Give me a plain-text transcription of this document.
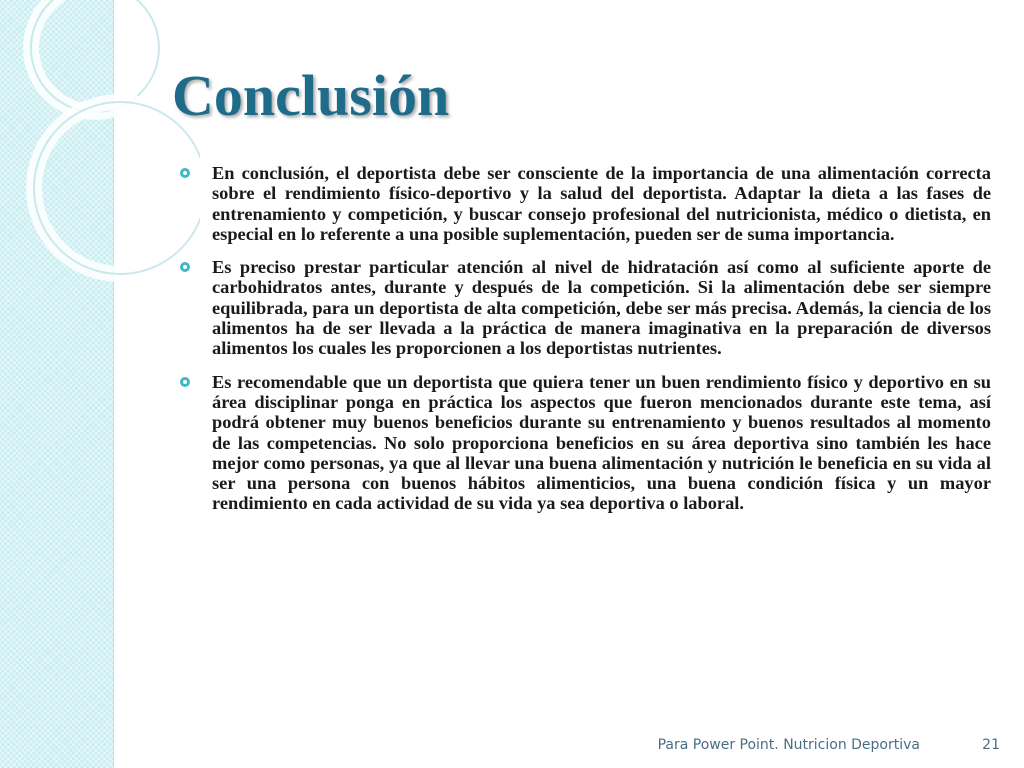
Conclusión
En conclusión, el deportista debe ser consciente de la importancia de una alimentación correcta sobre el rendimiento físico-deportivo y la salud del deportista. Adaptar la dieta a las fases de entrenamiento y competición, y buscar consejo profesional del nutricionista, médico o dietista, en especial en lo referente a una posible suplementación, pueden ser de suma importancia.
Es preciso prestar particular atención al nivel de hidratación así como al suficiente aporte de carbohidratos antes, durante y después de la competición. Si la alimentación debe ser siempre equilibrada, para un deportista de alta competición, debe ser más precisa. Además, la ciencia de los alimentos ha de ser llevada a la práctica de manera imaginativa en la preparación de diversos alimentos los cuales les proporcionen a los deportistas nutrientes.
Es recomendable que un deportista que quiera tener un buen rendimiento físico y deportivo en su área disciplinar ponga en práctica los aspectos que fueron mencionados durante este tema, así podrá obtener muy buenos beneficios durante su entrenamiento y buenos resultados al momento de las competencias. No solo proporciona beneficios en su área deportiva sino también les hace mejor como personas, ya que al llevar una buena alimentación y nutrición le beneficia en su vida al ser una persona con buenos hábitos alimenticios, una buena condición física y un mayor rendimiento en cada actividad de su vida ya sea deportiva o laboral.
Para Power Point. Nutricion Deportiva	21
